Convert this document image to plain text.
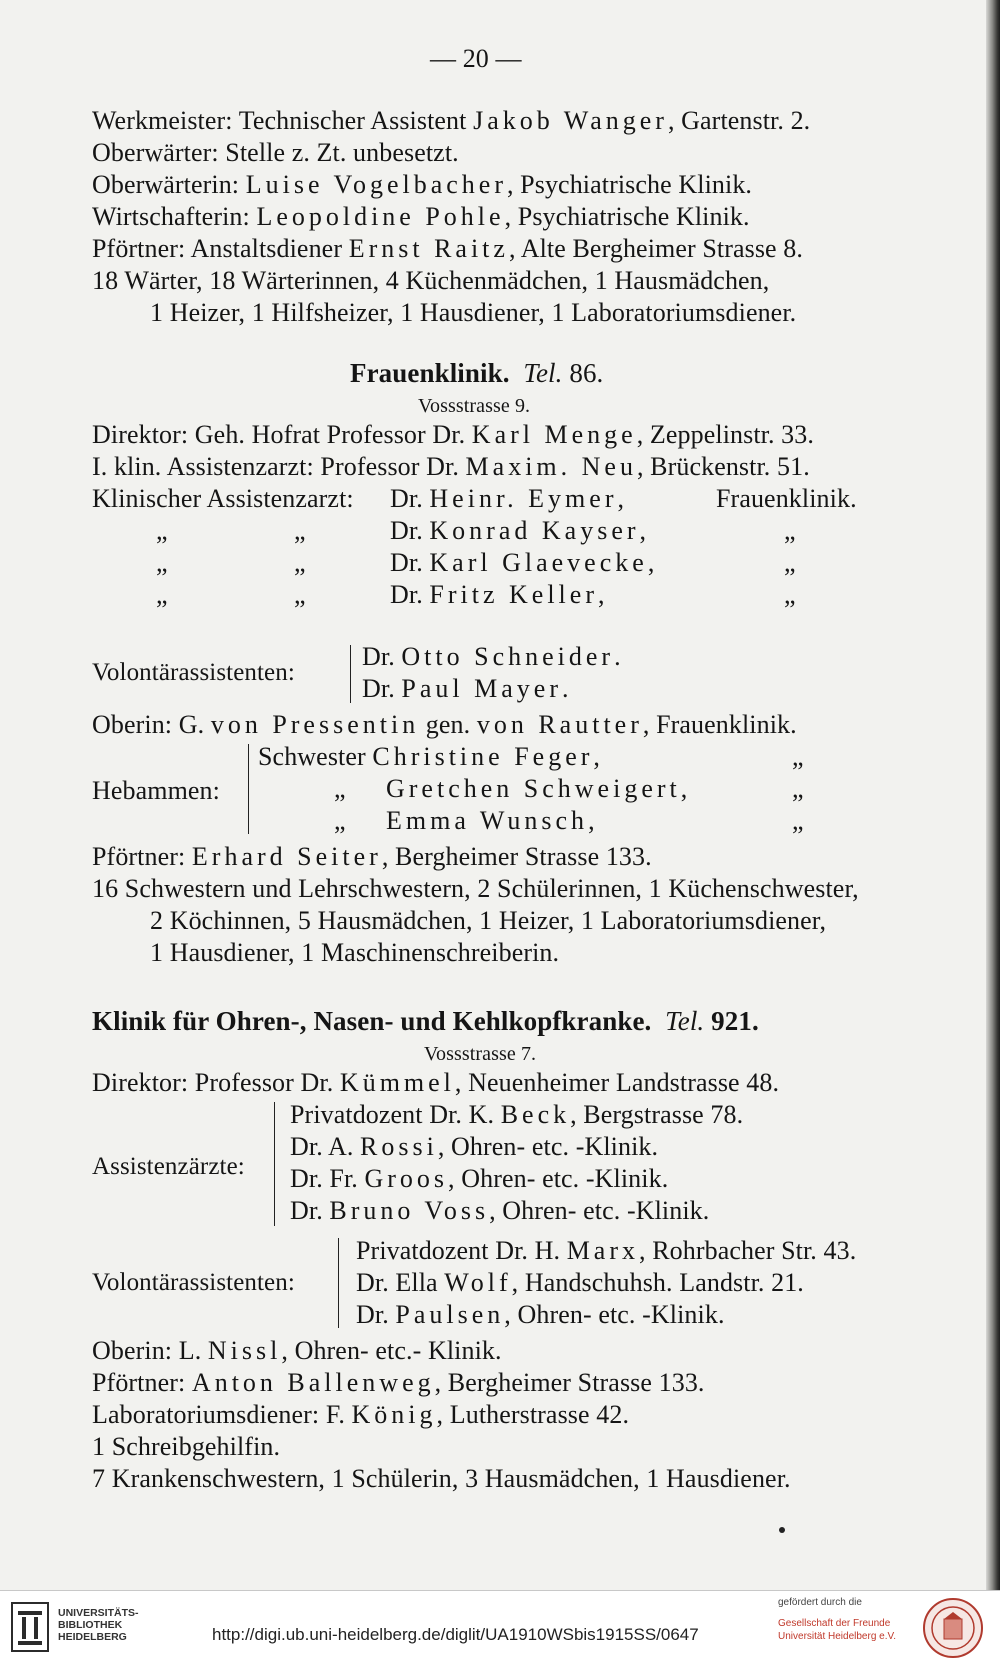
— 20 —
Werkmeister: Technischer Assistent Jakob Wanger, Gartenstr. 2.
Oberwärter: Stelle z. Zt. unbesetzt.
Oberwärterin: Luise Vogelbacher, Psychiatrische Klinik.
Wirtschafterin: Leopoldine Pohle, Psychiatrische Klinik.
Pförtner: Anstaltsdiener Ernst Raitz, Alte Bergheimer Strasse 8.
18 Wärter, 18 Wärterinnen, 4 Küchenmädchen, 1 Hausmädchen,
1 Heizer, 1 Hilfsheizer, 1 Hausdiener, 1 Laboratoriumsdiener.
Frauenklinik. Tel. 86.
Vossstrasse 9.
Direktor: Geh. Hofrat Professor Dr. Karl Menge, Zeppelinstr. 33.
I. klin. Assistenzarzt: Professor Dr. Maxim. Neu, Brückenstr. 51.
Klinischer Assistenzarzt: Dr. Heinr. Eymer,	Frauenklinik.
„	„	Dr. Konrad Kayser,	„
„	„	Dr. Karl Glaevecke,	„
„	„	Dr. Fritz Keller,	„
Volontärassistenten:
Dr. Otto Schneider.
Dr. Paul Mayer.
Oberin: G. von Pressentin gen. von Rautter, Frauenklinik.
Hebammen:
Schwester Christine Feger,	„
„ Gretchen Schweigert,	„
„ Emma Wunsch,	„
Pförtner: Erhard Seiter, Bergheimer Strasse 133.
16 Schwestern und Lehrschwestern, 2 Schülerinnen, 1 Küchenschwester,
2 Köchinnen, 5 Hausmädchen, 1 Heizer, 1 Laboratoriumsdiener,
1 Hausdiener, 1 Maschinenschreiberin.
Klinik für Ohren-, Nasen- und Kehlkopfkranke. Tel. 921.
Vossstrasse 7.
Direktor: Professor Dr. Kümmel, Neuenheimer Landstrasse 48.
Assistenzärzte:
Privatdozent Dr. K. Beck, Bergstrasse 78.
Dr. A. Rossi, Ohren- etc. -Klinik.
Dr. Fr. Groos, Ohren- etc. -Klinik.
Dr. Bruno Voss, Ohren- etc. -Klinik.
Volontärassistenten:
Privatdozent Dr. H. Marx, Rohrbacher Str. 43.
Dr. Ella Wolf, Handschuhsh. Landstr. 21.
Dr. Paulsen, Ohren- etc. -Klinik.
Oberin: L. Nissl, Ohren- etc.- Klinik.
Pförtner: Anton Ballenweg, Bergheimer Strasse 133.
Laboratoriumsdiener: F. König, Lutherstrasse 42.
1 Schreibgehilfin.
7 Krankenschwestern, 1 Schülerin, 3 Hausmädchen, 1 Hausdiener.
UNIVERSITÄTS-
BIBLIOTHEK
HEIDELBERG	http://digi.ub.uni-heidelberg.de/diglit/UA1910WSbis1915SS/0647
gefördert durch die
Gesellschaft der Freunde
Universität Heidelberg e.V.
